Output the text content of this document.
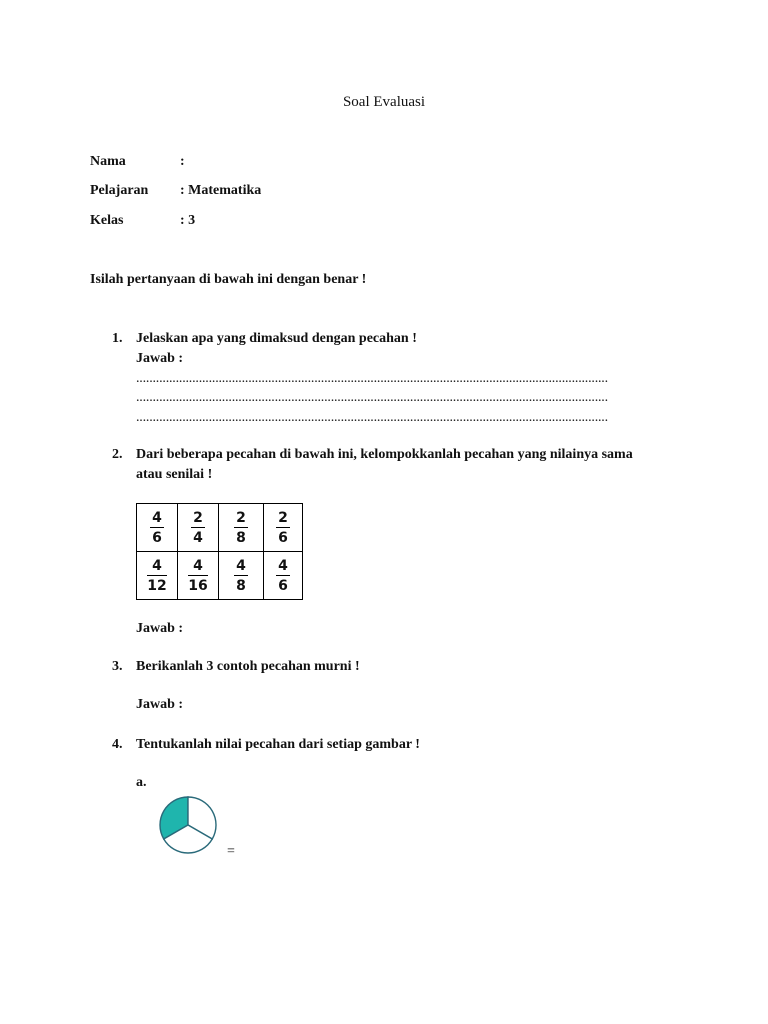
Soal Evaluasi
Nama	:
Pelajaran : Matematika
Kelas	: 3
Isilah pertanyaan di bawah ini dengan benar !
1. Jelaskan apa yang dimaksud dengan pecahan !
Jawab :
...............................................................................................................................................
...............................................................................................................................................
...............................................................................................................................................
2. Dari beberapa pecahan di bawah ini, kelompokkanlah pecahan yang nilainya sama
atau senilai !
$\frac{4}{6}$	$\frac{2}{4}$	$\frac{2}{8}$	$\frac{2}{6}$

$\frac{4}{12}$	$\frac{4}{16}$	$\frac{4}{8}$	$\frac{4}{6}$
Jawab :
3. Berikanlah 3 contoh pecahan murni !
Jawab :
4. Tentukanlah nilai pecahan dari setiap gambar !
a.
=
